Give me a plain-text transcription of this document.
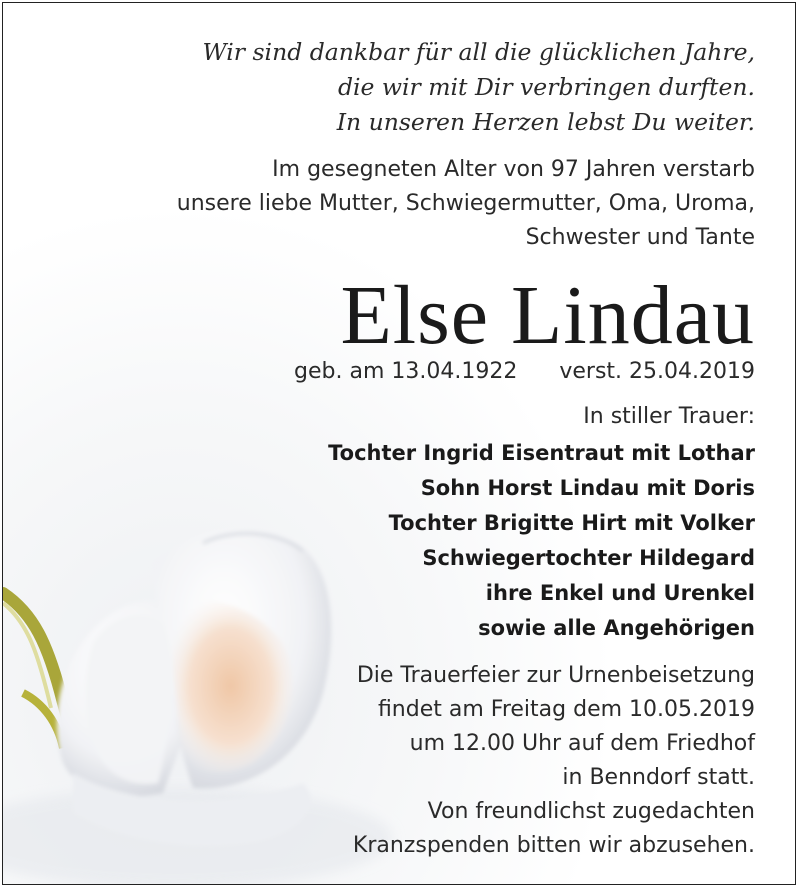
Wir sind dankbar für all die glücklichen Jahre,
die wir mit Dir verbringen durften.
In unseren Herzen lebst Du weiter.
Im gesegneten Alter von 97 Jahren verstarb
unsere liebe Mutter, Schwiegermutter, Oma, Uroma,
Schwester und Tante
Else Lindau
geb. am 13.04.1922 verst. 25.04.2019
In stiller Trauer:
Tochter Ingrid Eisentraut mit Lothar
Sohn Horst Lindau mit Doris
Tochter Brigitte Hirt mit Volker
Schwiegertochter Hildegard
ihre Enkel und Urenkel
sowie alle Angehörigen
Die Trauerfeier zur Urnenbeisetzung
findet am Freitag dem 10.05.2019
um 12.00 Uhr auf dem Friedhof
in Benndorf statt.
Von freundlichst zugedachten
Kranzspenden bitten wir abzusehen.
